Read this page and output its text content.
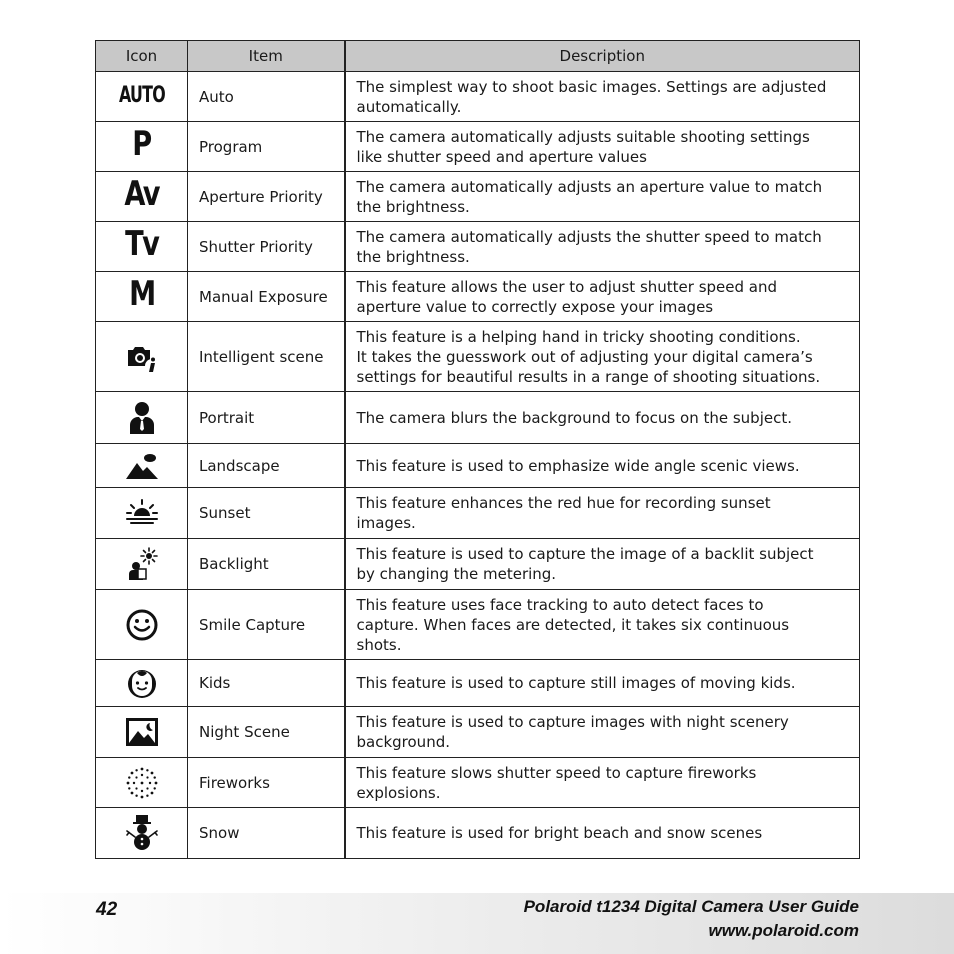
Icon	Item	Description
AUTO	Auto	The simplest way to shoot basic images. Settings are adjusted
automatically.

P	Program	The camera automatically adjusts suitable shooting settings
like shutter speed and aperture values

Av	Aperture Priority	The camera automatically adjusts an aperture value to match
the brightness.

Tv	Shutter Priority	The camera automatically adjusts the shutter speed to match
the brightness.

M	Manual Exposure	This feature allows the user to adjust shutter speed and
aperture value to correctly expose your images

	Intelligent scene	This feature is a helping hand in tricky shooting conditions.
It takes the guesswork out of adjusting your digital camera’s
settings for beautiful results in a range of shooting situations.

	Portrait	The camera blurs the background to focus on the subject.

	Landscape	This feature is used to emphasize wide angle scenic views.

	Sunset	This feature enhances the red hue for recording sunset
images.

	Backlight	This feature is used to capture the image of a backlit subject
by changing the metering.

	Smile Capture	This feature uses face tracking to auto detect faces to
capture. When faces are detected, it takes six continuous
shots.

	Kids	This feature is used to capture still images of moving kids.

	Night Scene	This feature is used to capture images with night scenery
background.

	Fireworks	This feature slows shutter speed to capture fireworks
explosions.

	Snow	This feature is used for bright beach and snow scenes
42	Polaroid t1234 Digital Camera User Guide
www.polaroid.com
